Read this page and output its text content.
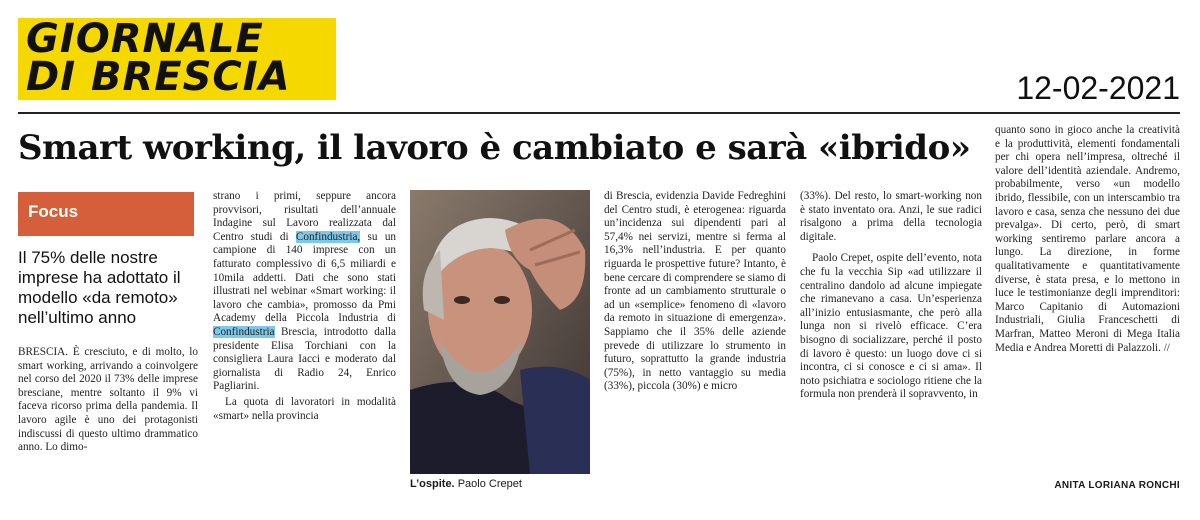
GIORNALE
DI BRESCIA	12-02-2021
Smart working, il lavoro è cambiato e sarà «ibrido»
Focus
Il 75% delle nostre imprese ha adottato il modello «da remoto» nell’ultimo anno

BRESCIA. È cresciuto, e di molto, lo smart working, arrivando a coinvolgere nel corso del 2020 il 73% delle imprese bresciane, mentre soltanto il 9% vi faceva ricorso prima della pandemia. Il lavoro agile è uno dei protagonisti indiscussi di questo ultimo drammatico anno. Lo dimo-

strano i primi, seppure ancora provvisori, risultati dell’annuale Indagine sul Lavoro realizzata dal Centro studi di Confindustria, su un campione di 140 imprese con un fatturato complessivo di 6,5 miliardi e 10mila addetti. Dati che sono stati illustrati nel webinar «Smart working: il lavoro che cambia», promosso da Pmi Academy della Piccola Industria di Confindustria Brescia, introdotto dalla presidente Elisa Torchiani con la consigliera Laura Iacci e moderato dal giornalista di Radio 24, Enrico Pagliarini.

La quota di lavoratori in modalità «smart» nella provincia

L’ospite. Paolo Crepet

di Brescia, evidenzia Davide Fedreghini del Centro studi, è eterogenea: riguarda un’incidenza sui dipendenti pari al 57,4% nei servizi, mentre si ferma al 16,3% nell’industria. E per quanto riguarda le prospettive future? Intanto, è bene cercare di comprendere se siamo di fronte ad un cambiamento strutturale o ad un «semplice» fenomeno di «lavoro da remoto in situazione di emergenza». Sappiamo che il 35% delle aziende prevede di utilizzare lo strumento in futuro, soprattutto la grande industria (75%), in netto vantaggio su media (33%), piccola (30%) e micro

(33%). Del resto, lo smart-working non è stato inventato ora. Anzi, le sue radici risalgono a prima della tecnologia digitale.

Paolo Crepet, ospite dell’evento, nota che fu la vecchia Sip «ad utilizzare il centralino dandolo ad alcune impiegate che rimanevano a casa. Un’esperienza all’inizio entusiasmante, che però alla lunga non si rivelò efficace. C’era bisogno di socializzare, perché il posto di lavoro è questo: un luogo dove ci si incontra, ci si conosce e ci si ama». Il noto psichiatra e sociologo ritiene che la formula non prenderà il sopravvento, in

quanto sono in gioco anche la creatività e la produttività, elementi fondamentali per chi opera nell’impresa, oltreché il valore dell’identità aziendale. Andremo, probabilmente, verso «un modello ibrido, flessibile, con un interscambio tra lavoro e casa, senza che nessuno dei due prevalga». Di certo, però, di smart working sentiremo parlare ancora a lungo. La direzione, in forme qualitativamente e quantitativamente diverse, è stata presa, e lo mettono in luce le testimonianze degli imprenditori: Marco Capitanio di Automazioni Industriali, Giulia Franceschetti di Marfran, Matteo Meroni di Mega Italia Media e Andrea Moretti di Palazzoli. //

ANITA LORIANA RONCHI
